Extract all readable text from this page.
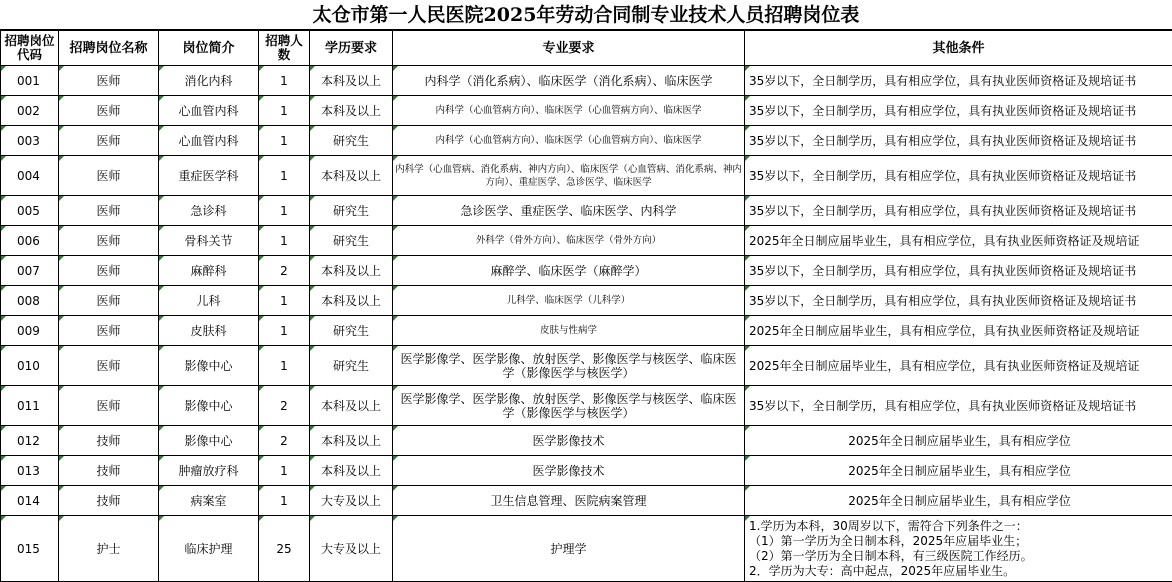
太仓市第一人民医院2025年劳动合同制专业技术人员招聘岗位表
招聘岗位代码	招聘岗位名称	岗位简介	招聘人数	学历要求	专业要求	其他条件
001	医师	消化内科	1	本科及以上	内科学（消化系病）、临床医学（消化系病）、临床医学	35岁以下，全日制学历，具有相应学位，具有执业医师资格证及规培证书
002	医师	心血管内科	1	本科及以上	内科学（心血管病方向）、临床医学（心血管病方向）、临床医学	35岁以下，全日制学历，具有相应学位，具有执业医师资格证及规培证书
003	医师	心血管内科	1	研究生	内科学（心血管病方向）、临床医学（心血管病方向）、临床医学	35岁以下，全日制学历，具有相应学位，具有执业医师资格证及规培证书
004	医师	重症医学科	1	本科及以上	内科学（心血管病、消化系病、神内方向）、临床医学（心血管病、消化系病、神内方向）、重症医学、急诊医学、临床医学	35岁以下，全日制学历，具有相应学位，具有执业医师资格证及规培证书
005	医师	急诊科	1	研究生	急诊医学、重症医学、临床医学、内科学	35岁以下，全日制学历，具有相应学位，具有执业医师资格证及规培证书
006	医师	骨科关节	1	研究生	外科学（骨外方向）、临床医学（骨外方向）	2025年全日制应届毕业生，具有相应学位，具有执业医师资格证及规培证
007	医师	麻醉科	2	本科及以上	麻醉学、临床医学（麻醉学）	35岁以下，全日制学历，具有相应学位，具有执业医师资格证及规培证书
008	医师	儿科	1	本科及以上	儿科学、临床医学（儿科学）	35岁以下，全日制学历，具有相应学位，具有执业医师资格证及规培证书
009	医师	皮肤科	1	研究生	皮肤与性病学	2025年全日制应届毕业生，具有相应学位，具有执业医师资格证及规培证
010	医师	影像中心	1	研究生	医学影像学、医学影像、放射医学、影像医学与核医学、临床医学（影像医学与核医学）	2025年全日制应届毕业生，具有相应学位，具有执业医师资格证及规培证
011	医师	影像中心	2	本科及以上	医学影像学、医学影像、放射医学、影像医学与核医学、临床医学（影像医学与核医学）	35岁以下，全日制学历，具有相应学位，具有执业医师资格证及规培证书
012	技师	影像中心	2	本科及以上	医学影像技术	2025年全日制应届毕业生，具有相应学位
013	技师	肿瘤放疗科	1	本科及以上	医学影像技术	2025年全日制应届毕业生，具有相应学位
014	技师	病案室	1	大专及以上	卫生信息管理、医院病案管理	2025年全日制应届毕业生，具有相应学位
015	护士	临床护理	25	大专及以上	护理学	1.学历为本科，30周岁以下，需符合下列条件之一：
（1）第一学历为全日制本科，2025年应届毕业生；
（2）第一学历为全日制本科，有三级医院工作经历。
2．学历为大专：高中起点，2025年应届毕业生。
